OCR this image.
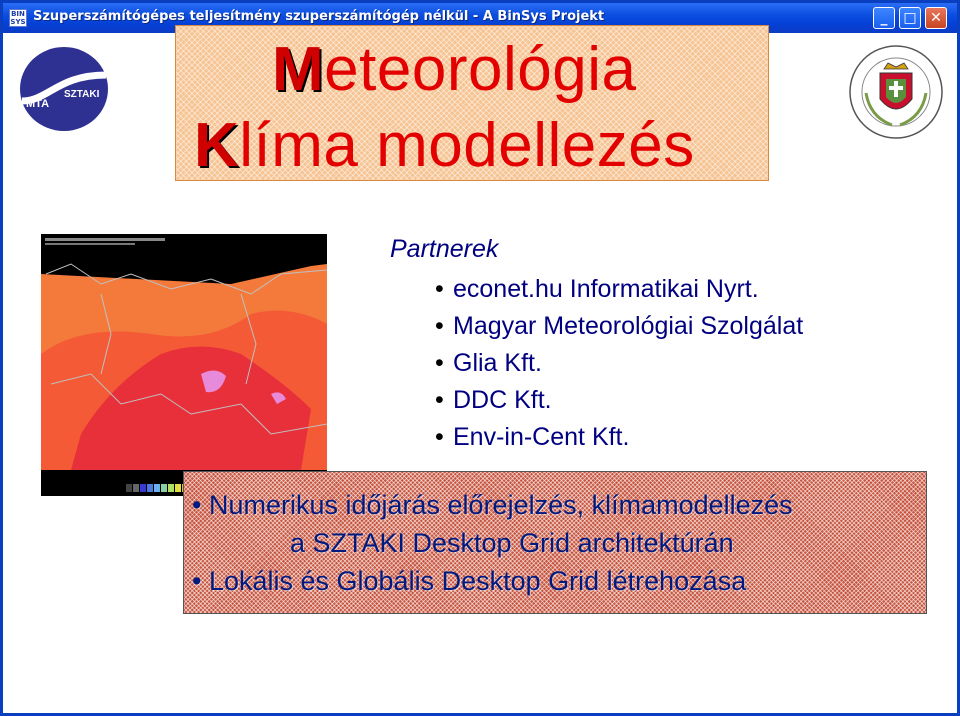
BIN SYS Szuperszámítógépes teljesítmény szuperszámítógép nélkül - A BinSys Projekt	_	□ ✕
MTA
SZTAKI	Meteorológia
Klíma modellezés
Partnerek
• econet.hu Informatikai Nyrt.
• Magyar Meteorológiai Szolgálat
• Glia Kft.
• DDC Kft.
• Env-in-Cent Kft.
• Numerikus időjárás előrejelzés, klímamodellezés
a SZTAKI Desktop Grid architektúrán
• Lokális és Globális Desktop Grid létrehozása
